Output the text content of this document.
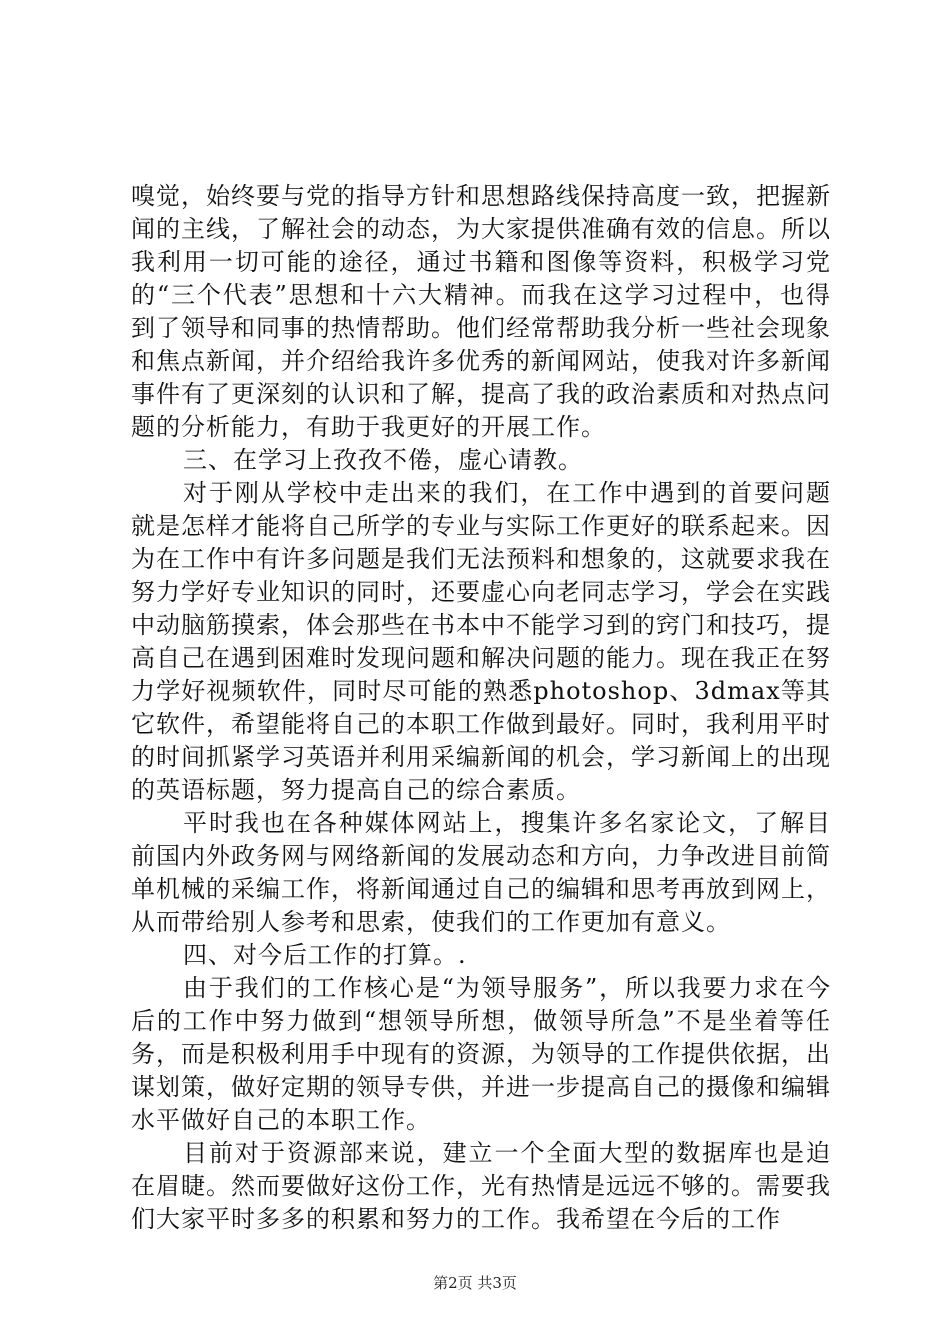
嗅觉，始终要与党的指导方针和思想路线保持高度一致，把握新闻的主线，了解社会的动态，为大家提供准确有效的信息。所以我利用一切可能的途径，通过书籍和图像等资料，积极学习党的“三个代表”思想和十六大精神。而我在这学习过程中，也得到了领导和同事的热情帮助。他们经常帮助我分析一些社会现象和焦点新闻，并介绍给我许多优秀的新闻网站，使我对许多新闻事件有了更深刻的认识和了解，提高了我的政治素质和对热点问题的分析能力，有助于我更好的开展工作。

三、在学习上孜孜不倦，虚心请教。

对于刚从学校中走出来的我们，在工作中遇到的首要问题就是怎样才能将自己所学的专业与实际工作更好的联系起来。因为在工作中有许多问题是我们无法预料和想象的，这就要求我在努力学好专业知识的同时，还要虚心向老同志学习，学会在实践中动脑筋摸索，体会那些在书本中不能学习到的窍门和技巧，提高自己在遇到困难时发现问题和解决问题的能力。现在我正在努力学好视频软件，同时尽可能的熟悉photoshop、3dmax等其它软件，希望能将自己的本职工作做到最好。同时，我利用平时的时间抓紧学习英语并利用采编新闻的机会，学习新闻上的出现的英语标题，努力提高自己的综合素质。

平时我也在各种媒体网站上，搜集许多名家论文，了解目前国内外政务网与网络新闻的发展动态和方向，力争改进目前简单机械的采编工作，将新闻通过自己的编辑和思考再放到网上，从而带给别人参考和思索，使我们的工作更加有意义。

四、对今后工作的打算。.

由于我们的工作核心是“为领导服务”，所以我要力求在今后的工作中努力做到“想领导所想，做领导所急”不是坐着等任务，而是积极利用手中现有的资源，为领导的工作提供依据，出谋划策，做好定期的领导专供，并进一步提高自己的摄像和编辑水平做好自己的本职工作。

目前对于资源部来说，建立一个全面大型的数据库也是迫在眉睫。然而要做好这份工作，光有热情是远远不够的。需要我们大家平时多多的积累和努力的工作。我希望在今后的工作

第2页 共3页
